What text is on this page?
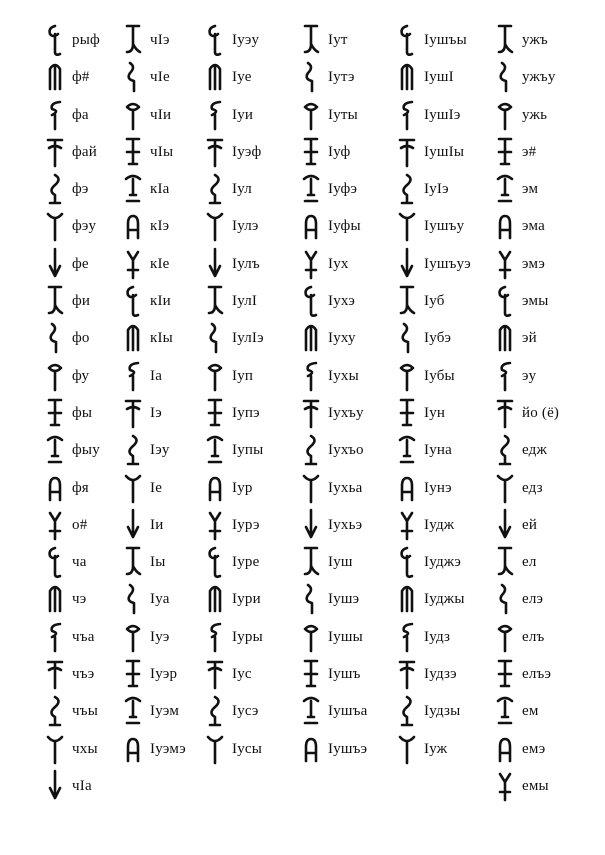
рыф
ф#
фа
фай
фэ
фэу
фе
фи
фо
фу
фы
фыу
фя
о#
ча
чэ
чъа
чъэ
чъы
чхы
чIа
чIэ
чIе
чIи
чIы
кIа
кIэ
кIе
кIи
кIы
Iа
Iэ
Iэу
Iе
Iи
Iы
Iуа
Iуэ
Iуэр
Iуэм
Iуэмэ
Iуэу
Iуе
Iуи
Iуэф
Iул
Iулэ
Iулъ
IулI
IулIэ
Iуп
Iупэ
Iупы
Iур
Iурэ
Iуре
Iури
Iуры
Iус
Iусэ
Iусы
Iут
Iутэ
Iуты
Iуф
Iуфэ
Iуфы
Iух
Iухэ
Iуху
Iухы
Iухъу
Iухъо
Iухьа
Iухьэ
Iуш
Iушэ
Iушы
Iушъ
Iушъа
Iушъэ
Iушъы
IушI
IушIэ
IушIы
IуIэ
Iушъу
Iушъуэ
Iуб
Iубэ
Iубы
Iун
Iуна
Iунэ
Iудж
Iуджэ
Iуджы
Iудз
Iудзэ
Iудзы
Iуж
ужъ
ужъу
ужь
э#
эм
эма
эмэ
эмы
эй
эу
йо (ё)
едж
едз
ей
ел
елэ
елъ
елъэ
ем
емэ
емы
